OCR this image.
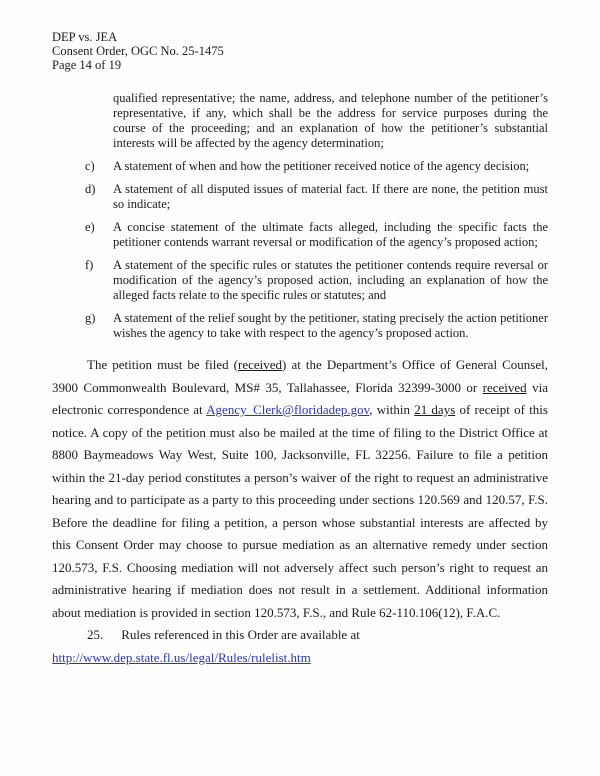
DEP vs. JEA
Consent Order, OGC No. 25-1475
Page 14 of 19
qualified representative; the name, address, and telephone number of the petitioner’s representative, if any, which shall be the address for service purposes during the course of the proceeding; and an explanation of how the petitioner’s substantial interests will be affected by the agency determination;
c) A statement of when and how the petitioner received notice of the agency decision;
d) A statement of all disputed issues of material fact. If there are none, the petition must so indicate;
e) A concise statement of the ultimate facts alleged, including the specific facts the petitioner contends warrant reversal or modification of the agency’s proposed action;
f) A statement of the specific rules or statutes the petitioner contends require reversal or modification of the agency’s proposed action, including an explanation of how the alleged facts relate to the specific rules or statutes; and
g) A statement of the relief sought by the petitioner, stating precisely the action petitioner wishes the agency to take with respect to the agency’s proposed action.
The petition must be filed (received) at the Department’s Office of General Counsel, 3900 Commonwealth Boulevard, MS# 35, Tallahassee, Florida 32399-3000 or received via electronic correspondence at Agency_Clerk@floridadep.gov, within 21 days of receipt of this notice. A copy of the petition must also be mailed at the time of filing to the District Office at 8800 Baymeadows Way West, Suite 100, Jacksonville, FL 32256. Failure to file a petition within the 21-day period constitutes a person’s waiver of the right to request an administrative hearing and to participate as a party to this proceeding under sections 120.569 and 120.57, F.S. Before the deadline for filing a petition, a person whose substantial interests are affected by this Consent Order may choose to pursue mediation as an alternative remedy under section 120.573, F.S. Choosing mediation will not adversely affect such person’s right to request an administrative hearing if mediation does not result in a settlement. Additional information about mediation is provided in section 120.573, F.S., and Rule 62-110.106(12), F.A.C.
25. Rules referenced in this Order are available at http://www.dep.state.fl.us/legal/Rules/rulelist.htm
